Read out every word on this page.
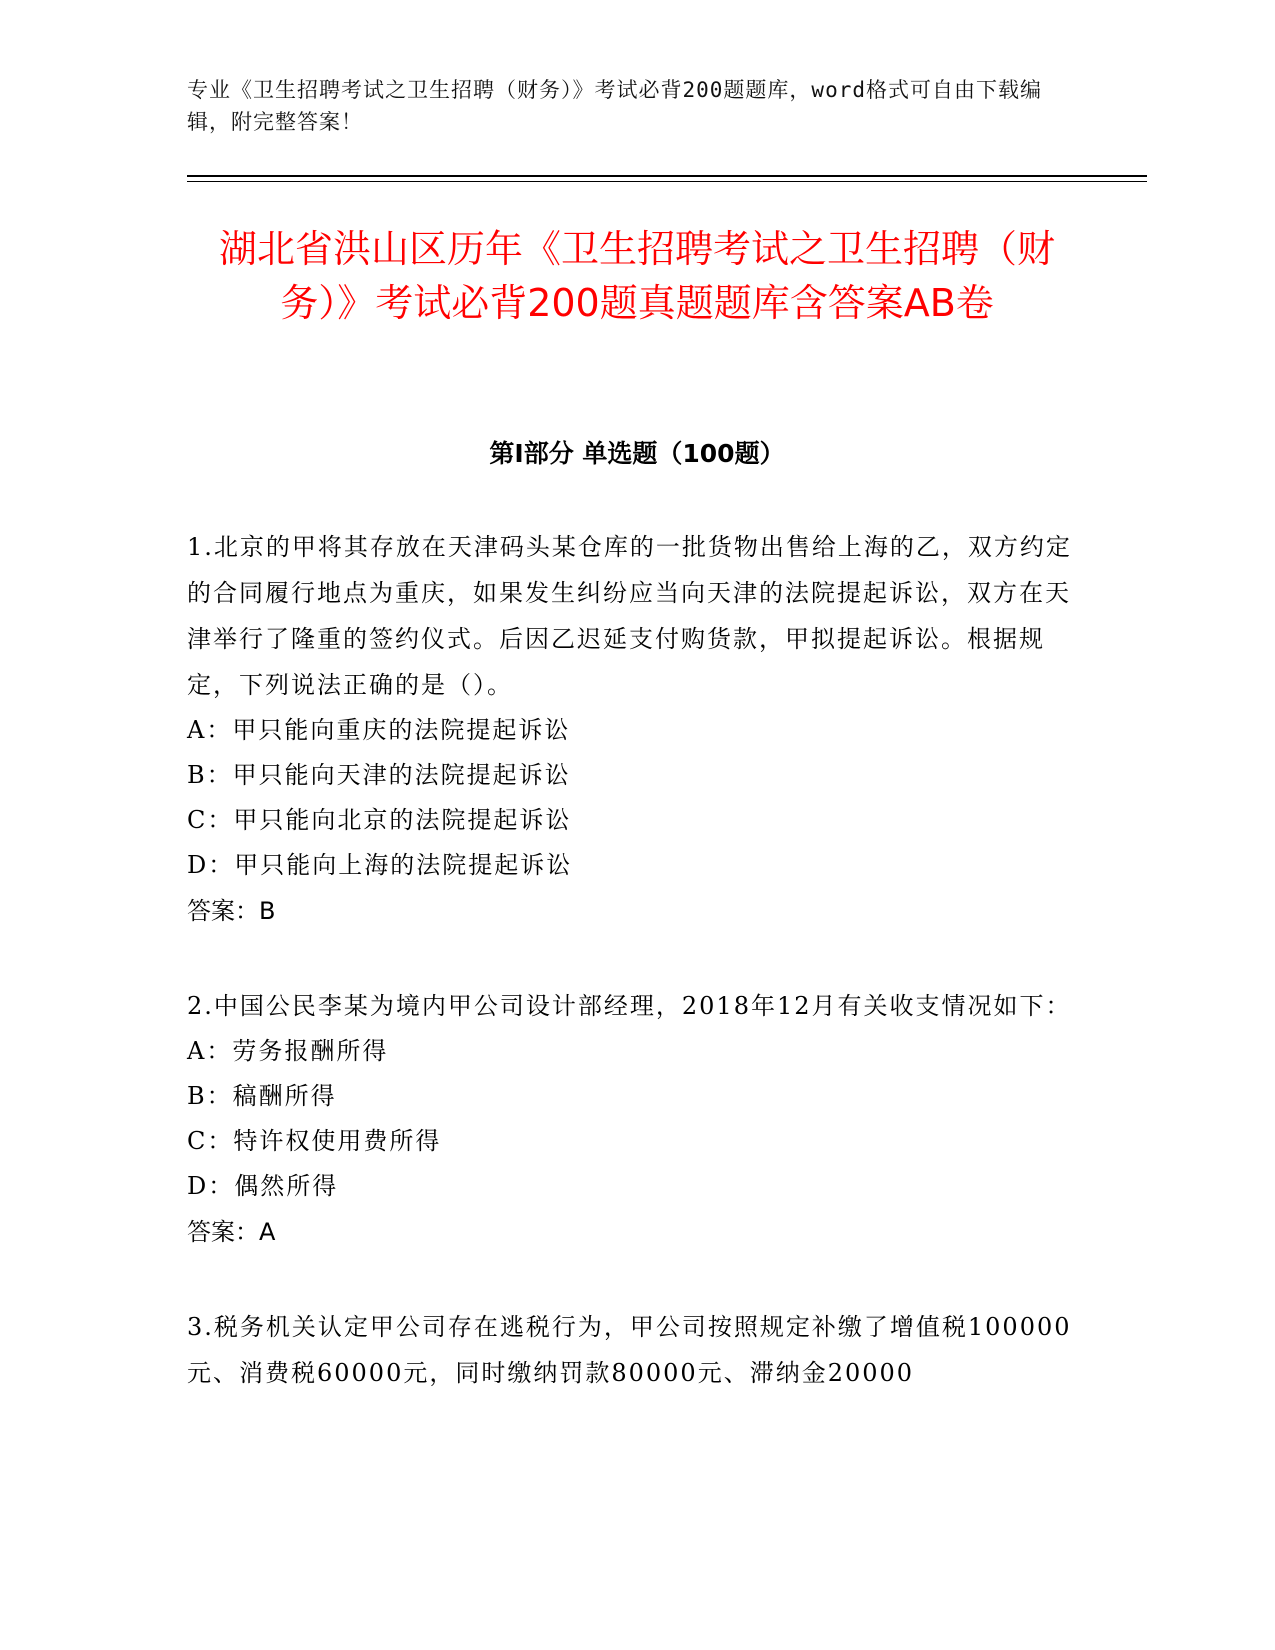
专业《卫生招聘考试之卫生招聘（财务）》考试必背200题题库，word格式可自由下载编辑，附完整答案！
湖北省洪山区历年《卫生招聘考试之卫生招聘（财务）》考试必背200题真题题库含答案AB卷
第I部分 单选题（100题）
1.北京的甲将其存放在天津码头某仓库的一批货物出售给上海的乙，双方约定的合同履行地点为重庆，如果发生纠纷应当向天津的法院提起诉讼，双方在天津举行了隆重的签约仪式。后因乙迟延支付购货款，甲拟提起诉讼。根据规定，下列说法正确的是（）。
A：甲只能向重庆的法院提起诉讼
B：甲只能向天津的法院提起诉讼
C：甲只能向北京的法院提起诉讼
D：甲只能向上海的法院提起诉讼
答案：B
2.中国公民李某为境内甲公司设计部经理，2018年12月有关收支情况如下：
A：劳务报酬所得
B：稿酬所得
C：特许权使用费所得
D：偶然所得
答案：A
3.税务机关认定甲公司存在逃税行为，甲公司按照规定补缴了增值税100000元、消费税60000元，同时缴纳罚款80000元、滞纳金20000
